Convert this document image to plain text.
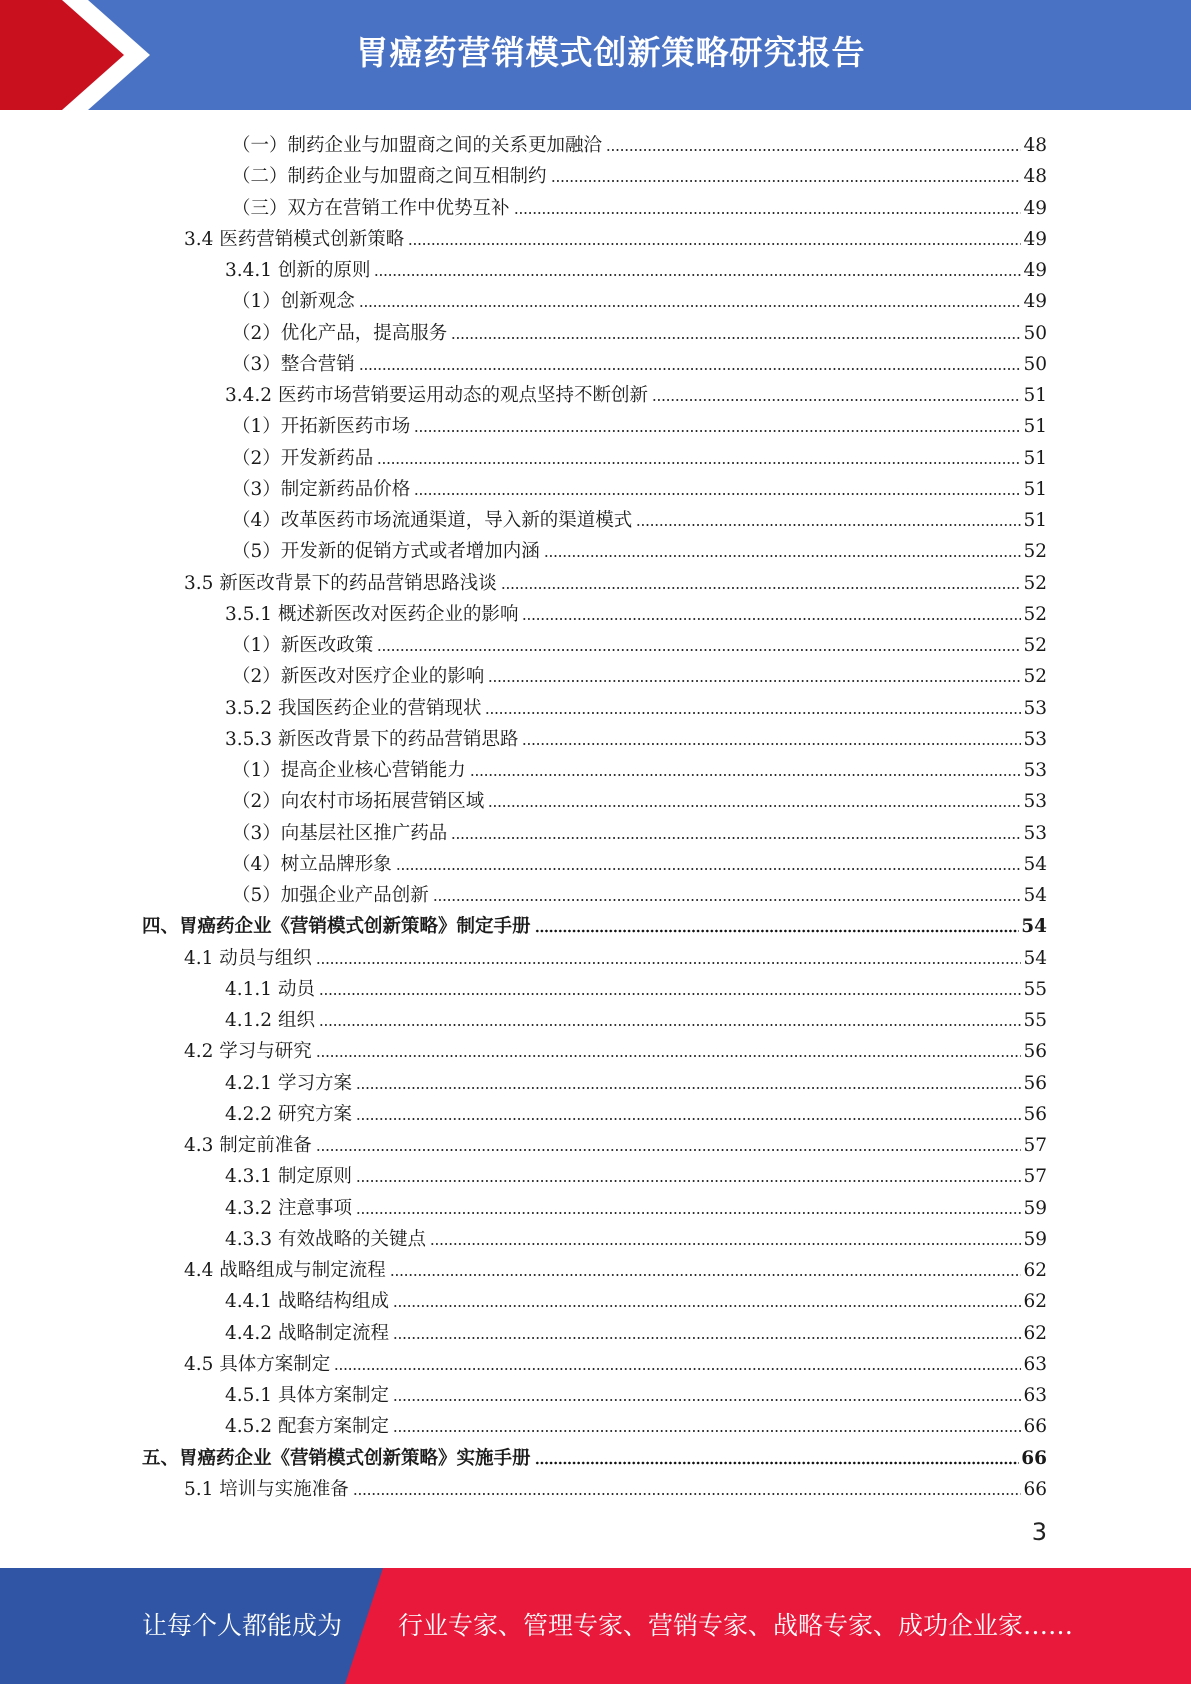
胃癌药营销模式创新策略研究报告
（一）制药企业与加盟商之间的关系更加融洽	48
（二）制药企业与加盟商之间互相制约	48
（三）双方在营销工作中优势互补	49
3.4 医药营销模式创新策略	49
3.4.1 创新的原则	49
（1）创新观念	49
（2）优化产品，提高服务	50
（3）整合营销	50
3.4.2 医药市场营销要运用动态的观点坚持不断创新	51
（1）开拓新医药市场	51
（2）开发新药品	51
（3）制定新药品价格	51
（4）改革医药市场流通渠道，导入新的渠道模式	51
（5）开发新的促销方式或者增加内涵	52
3.5 新医改背景下的药品营销思路浅谈	52
3.5.1 概述新医改对医药企业的影响	52
（1）新医改政策	52
（2）新医改对医疗企业的影响	52
3.5.2 我国医药企业的营销现状	53
3.5.3 新医改背景下的药品营销思路	53
（1）提高企业核心营销能力	53
（2）向农村市场拓展营销区域	53
（3）向基层社区推广药品	53
（4）树立品牌形象	54
（5）加强企业产品创新	54
四、胃癌药企业《营销模式创新策略》制定手册	54
4.1 动员与组织	54
4.1.1 动员	55
4.1.2 组织	55
4.2 学习与研究	56
4.2.1 学习方案	56
4.2.2 研究方案	56
4.3 制定前准备	57
4.3.1 制定原则	57
4.3.2 注意事项	59
4.3.3 有效战略的关键点	59
4.4 战略组成与制定流程	62
4.4.1 战略结构组成	62
4.4.2 战略制定流程	62
4.5 具体方案制定	63
4.5.1 具体方案制定	63
4.5.2 配套方案制定	66
五、胃癌药企业《营销模式创新策略》实施手册	66
5.1 培训与实施准备	66
3
让每个人都能成为 行业专家、管理专家、营销专家、战略专家、成功企业家……
